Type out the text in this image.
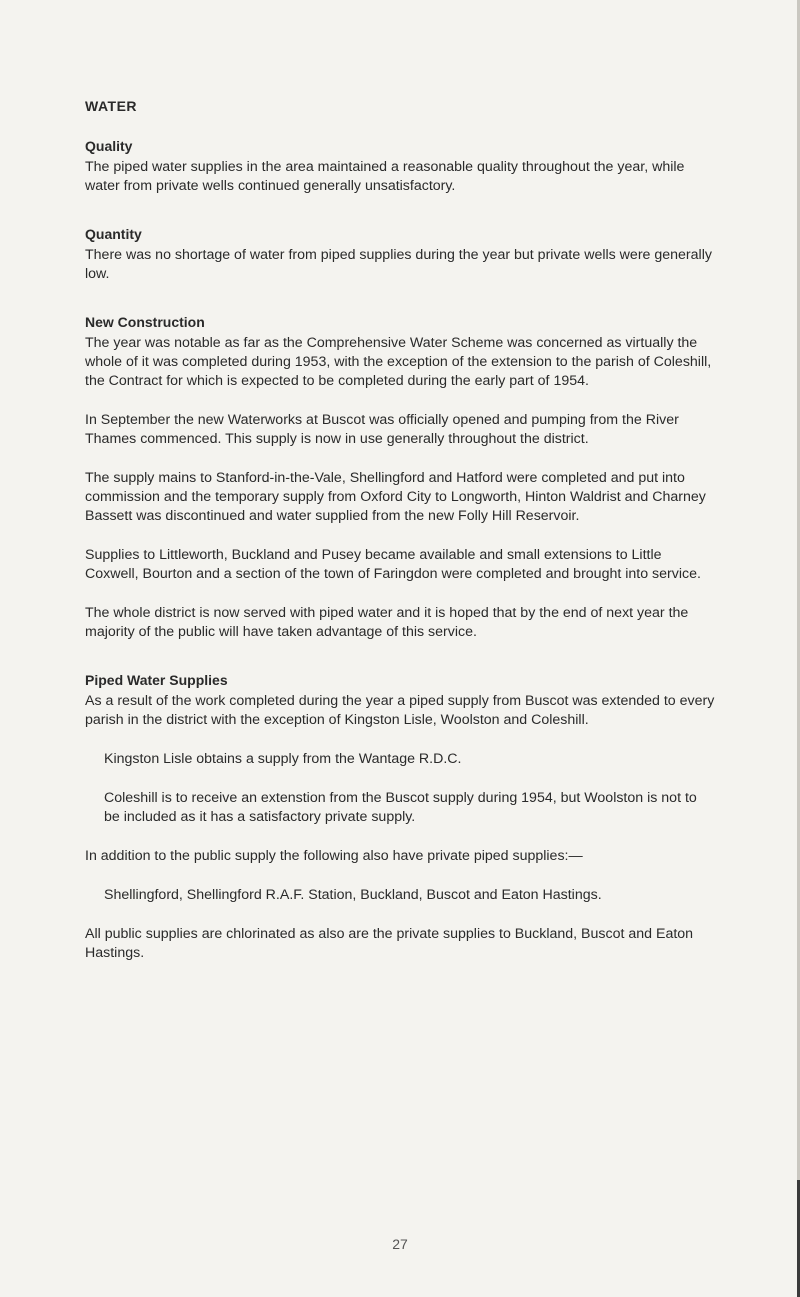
WATER
Quality

The piped water supplies in the area maintained a reasonable quality throughout the year, while water from private wells continued generally unsatisfactory.

Quantity

There was no shortage of water from piped supplies during the year but private wells were generally low.

New Construction

The year was notable as far as the Comprehensive Water Scheme was concerned as virtually the whole of it was completed during 1953, with the exception of the extension to the parish of Coleshill, the Contract for which is expected to be completed during the early part of 1954.

In September the new Waterworks at Buscot was officially opened and pumping from the River Thames commenced. This supply is now in use generally throughout the district.

The supply mains to Stanford-in-the-Vale, Shellingford and Hatford were completed and put into commission and the temporary supply from Oxford City to Longworth, Hinton Waldrist and Charney Bassett was discontinued and water supplied from the new Folly Hill Reservoir.

Supplies to Littleworth, Buckland and Pusey became available and small extensions to Little Coxwell, Bourton and a section of the town of Faringdon were completed and brought into service.

The whole district is now served with piped water and it is hoped that by the end of next year the majority of the public will have taken advantage of this service.

Piped Water Supplies

As a result of the work completed during the year a piped supply from Buscot was extended to every parish in the district with the exception of Kingston Lisle, Woolston and Coleshill.

Kingston Lisle obtains a supply from the Wantage R.D.C.

Coleshill is to receive an extenstion from the Buscot supply during 1954, but Woolston is not to be included as it has a satisfactory private supply.

In addition to the public supply the following also have private piped supplies:—

Shellingford, Shellingford R.A.F. Station, Buckland, Buscot and Eaton Hastings.

All public supplies are chlorinated as also are the private supplies to Buckland, Buscot and Eaton Hastings.

27
